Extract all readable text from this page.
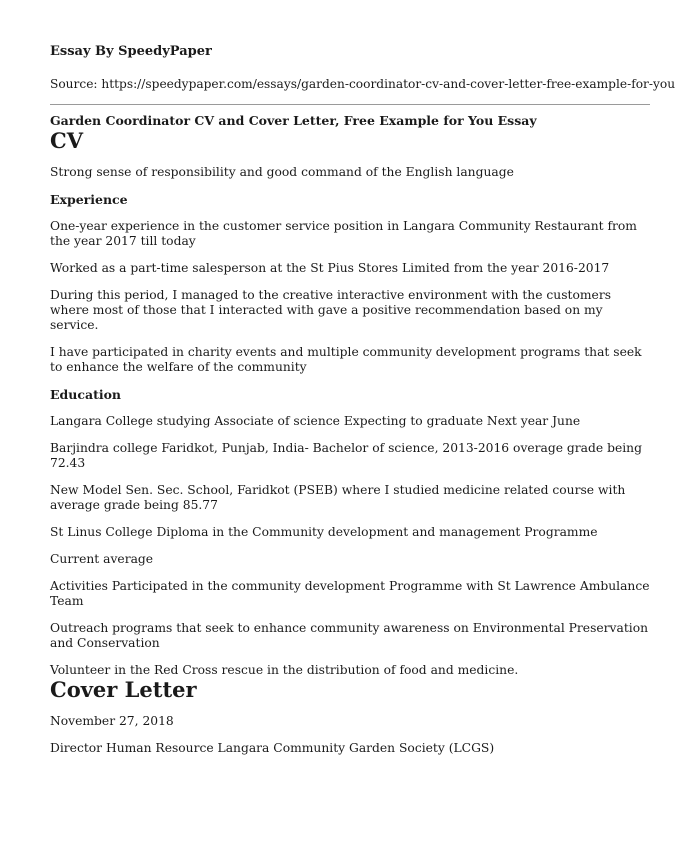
Essay By SpeedyPaper
Source: https://speedypaper.com/essays/garden-coordinator-cv-and-cover-letter-free-example-for-you
Garden Coordinator CV and Cover Letter, Free Example for You Essay
CV

Strong sense of responsibility and good command of the English language

Experience

One-year experience in the customer service position in Langara Community Restaurant from the year 2017 till today

Worked as a part-time salesperson at the St Pius Stores Limited from the year 2016-2017

During this period, I managed to the creative interactive environment with the customers where most of those that I interacted with gave a positive recommendation based on my service.

I have participated in charity events and multiple community development programs that seek to enhance the welfare of the community

Education

Langara College studying Associate of science Expecting to graduate Next year June

Barjindra college Faridkot, Punjab, India- Bachelor of science, 2013-2016 overage grade being 72.43

New Model Sen. Sec. School, Faridkot (PSEB) where I studied medicine related course with average grade being 85.77

St Linus College Diploma in the Community development and management Programme

Current average

Activities Participated in the community development Programme with St Lawrence Ambulance Team

Outreach programs that seek to enhance community awareness on Environmental Preservation and Conservation

Volunteer in the Red Cross rescue in the distribution of food and medicine.

Cover Letter

November 27, 2018

Director Human Resource Langara Community Garden Society (LCGS)
